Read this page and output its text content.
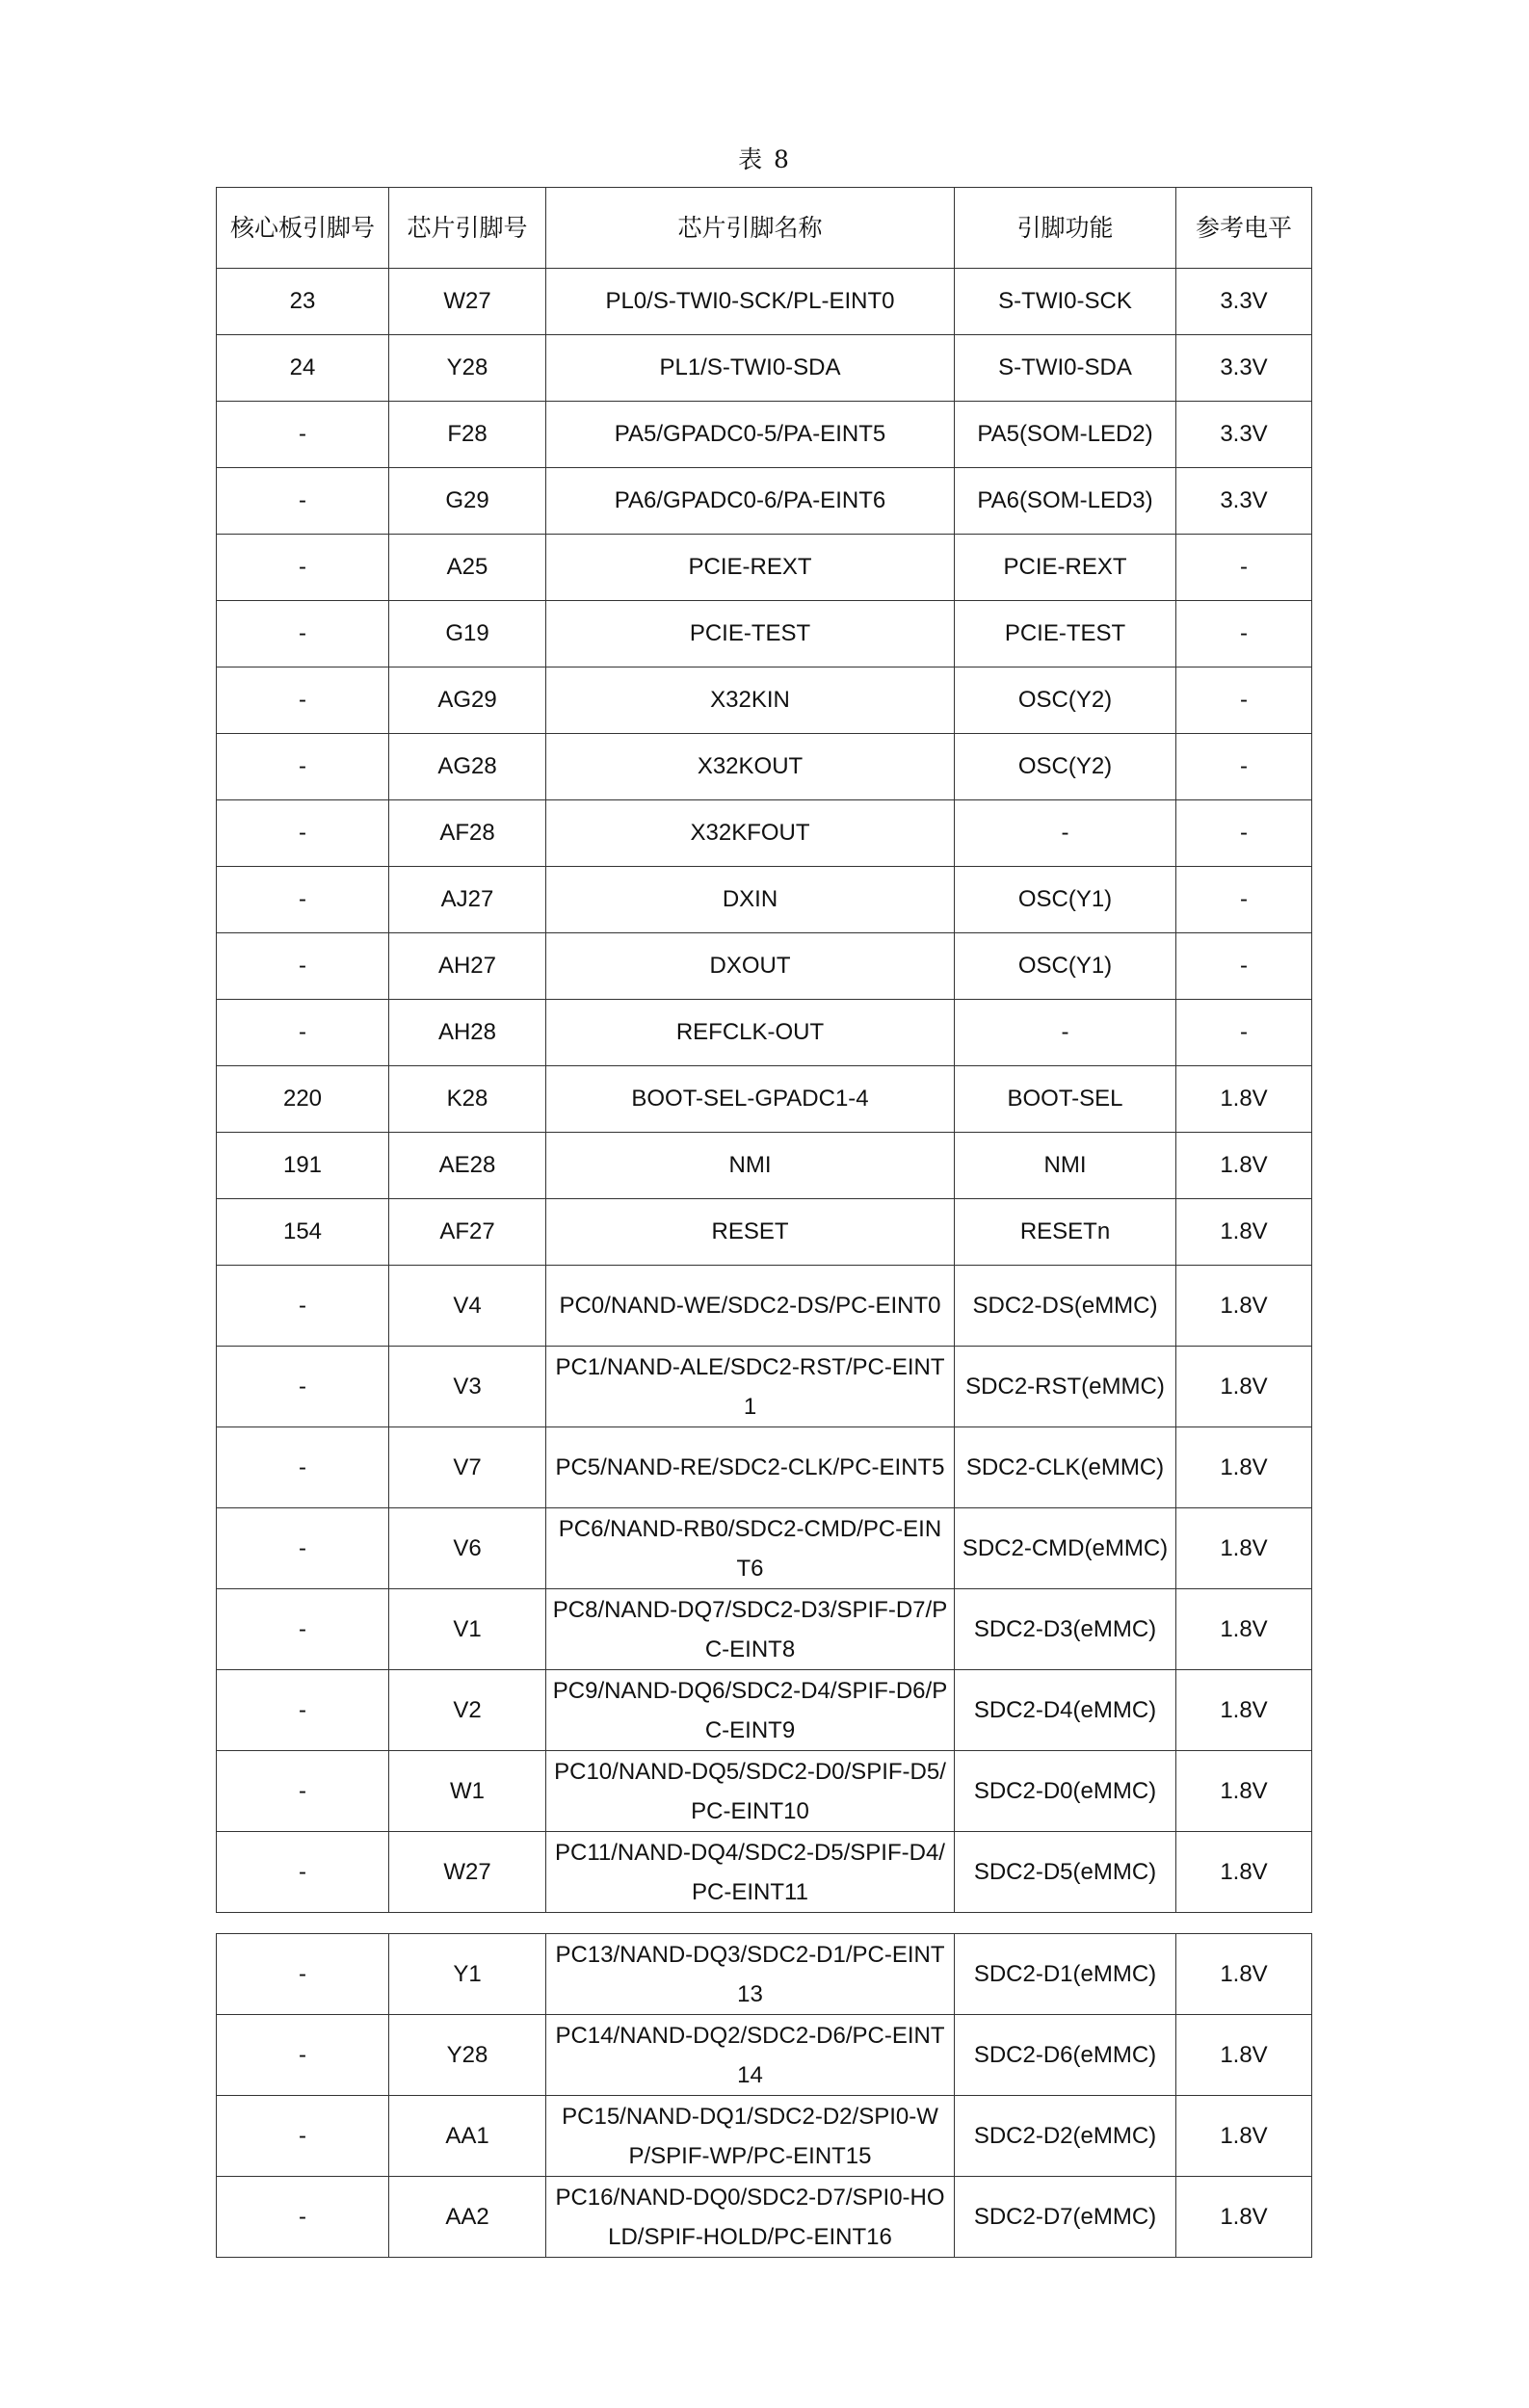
表 8
核心板引脚号	芯片引脚号	芯片引脚名称	引脚功能	参考电平
23	W27	PL0/S-TWI0-SCK/PL-EINT0	S-TWI0-SCK	3.3V
24	Y28	PL1/S-TWI0-SDA	S-TWI0-SDA	3.3V
-	F28	PA5/GPADC0-5/PA-EINT5	PA5(SOM-LED2)	3.3V
-	G29	PA6/GPADC0-6/PA-EINT6	PA6(SOM-LED3)	3.3V
-	A25	PCIE-REXT	PCIE-REXT	-
-	G19	PCIE-TEST	PCIE-TEST	-
-	AG29	X32KIN	OSC(Y2)	-
-	AG28	X32KOUT	OSC(Y2)	-
-	AF28	X32KFOUT	-	-
-	AJ27	DXIN	OSC(Y1)	-
-	AH27	DXOUT	OSC(Y1)	-
-	AH28	REFCLK-OUT	-	-
220	K28	BOOT-SEL-GPADC1-4	BOOT-SEL	1.8V
191	AE28	NMI	NMI	1.8V
154	AF27	RESET	RESETn	1.8V
-	V4	PC0/NAND-WE/SDC2-DS/PC-EINT0	SDC2-DS(eMMC)	1.8V
-	V3	PC1/NAND-ALE/SDC2-RST/PC-EINT1	SDC2-RST(eMMC)	1.8V
-	V7	PC5/NAND-RE/SDC2-CLK/PC-EINT5	SDC2-CLK(eMMC)	1.8V
-	V6	PC6/NAND-RB0/SDC2-CMD/PC-EINT6	SDC2-CMD(eMMC)	1.8V
-	V1	PC8/NAND-DQ7/SDC2-D3/SPIF-D7/PC-EINT8	SDC2-D3(eMMC)	1.8V
-	V2	PC9/NAND-DQ6/SDC2-D4/SPIF-D6/PC-EINT9	SDC2-D4(eMMC)	1.8V
-	W1	PC10/NAND-DQ5/SDC2-D0/SPIF-D5/PC-EINT10	SDC2-D0(eMMC)	1.8V
-	W27	PC11/NAND-DQ4/SDC2-D5/SPIF-D4/PC-EINT11	SDC2-D5(eMMC)	1.8V
-	Y1	PC13/NAND-DQ3/SDC2-D1/PC-EINT13	SDC2-D1(eMMC)	1.8V
-	Y28	PC14/NAND-DQ2/SDC2-D6/PC-EINT14	SDC2-D6(eMMC)	1.8V
-	AA1	PC15/NAND-DQ1/SDC2-D2/SPI0-WP/SPIF-WP/PC-EINT15	SDC2-D2(eMMC)	1.8V
-	AA2	PC16/NAND-DQ0/SDC2-D7/SPI0-HOLD/SPIF-HOLD/PC-EINT16	SDC2-D7(eMMC)	1.8V
